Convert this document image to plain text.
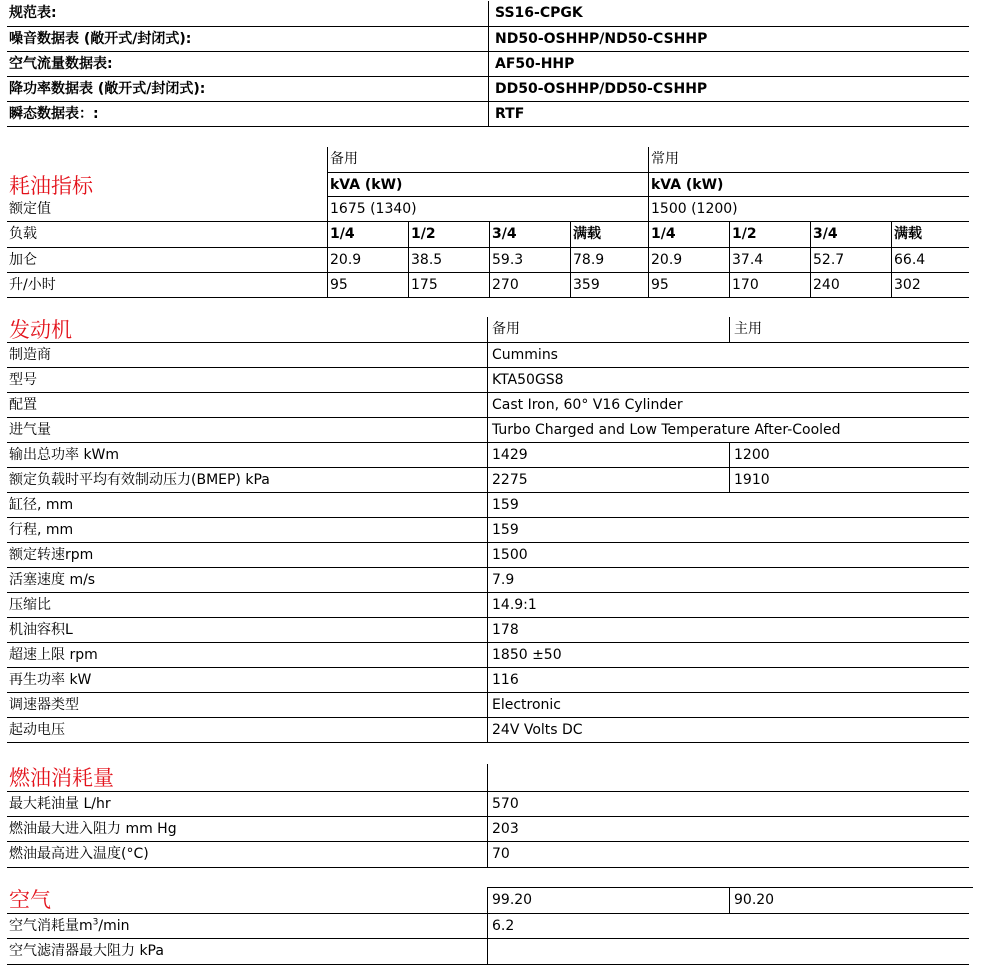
规范表:	SS16-CPGK
噪音数据表 (敞开式/封闭式):	ND50-OSHHP/ND50-CSHHP
空气流量数据表:	AF50-HHP
降功率数据表 (敞开式/封闭式):	DD50-OSHHP/DD50-CSHHP
瞬态数据表：:	RTF
耗油指标
备用	常用
kVA (kW)	kVA (kW)
额定值	1675 (1340)	1500 (1200)
负载	1/4	1/2	3/4	满载	1/4	1/2	3/4	满载
加仑	20.9	38.5	59.3	78.9	20.9	37.4	52.7	66.4
升/小时	95	175	270	359	95	170	240	302
发动机	备用	主用
制造商	Cummins
型号	KTA50GS8
配置	Cast Iron, 60° V16 Cylinder
进气量	Turbo Charged and Low Temperature After-Cooled
输出总功率 kWm	1429	1200
额定负载时平均有效制动压力(BMEP) kPa	2275	1910
缸径, mm	159
行程, mm	159
额定转速rpm	1500
活塞速度 m/s	7.9
压缩比	14.9:1
机油容积L	178
超速上限 rpm	1850 ±50
再生功率 kW	116
调速器类型	Electronic
起动电压	24V Volts DC
燃油消耗量
最大耗油量 L/hr	570
燃油最大进入阻力 mm Hg	203
燃油最高进入温度(°C)	70
空气	99.20	90.20
空气消耗量$m^3/\min$	6.2
空气滤清器最大阻力 kPa
